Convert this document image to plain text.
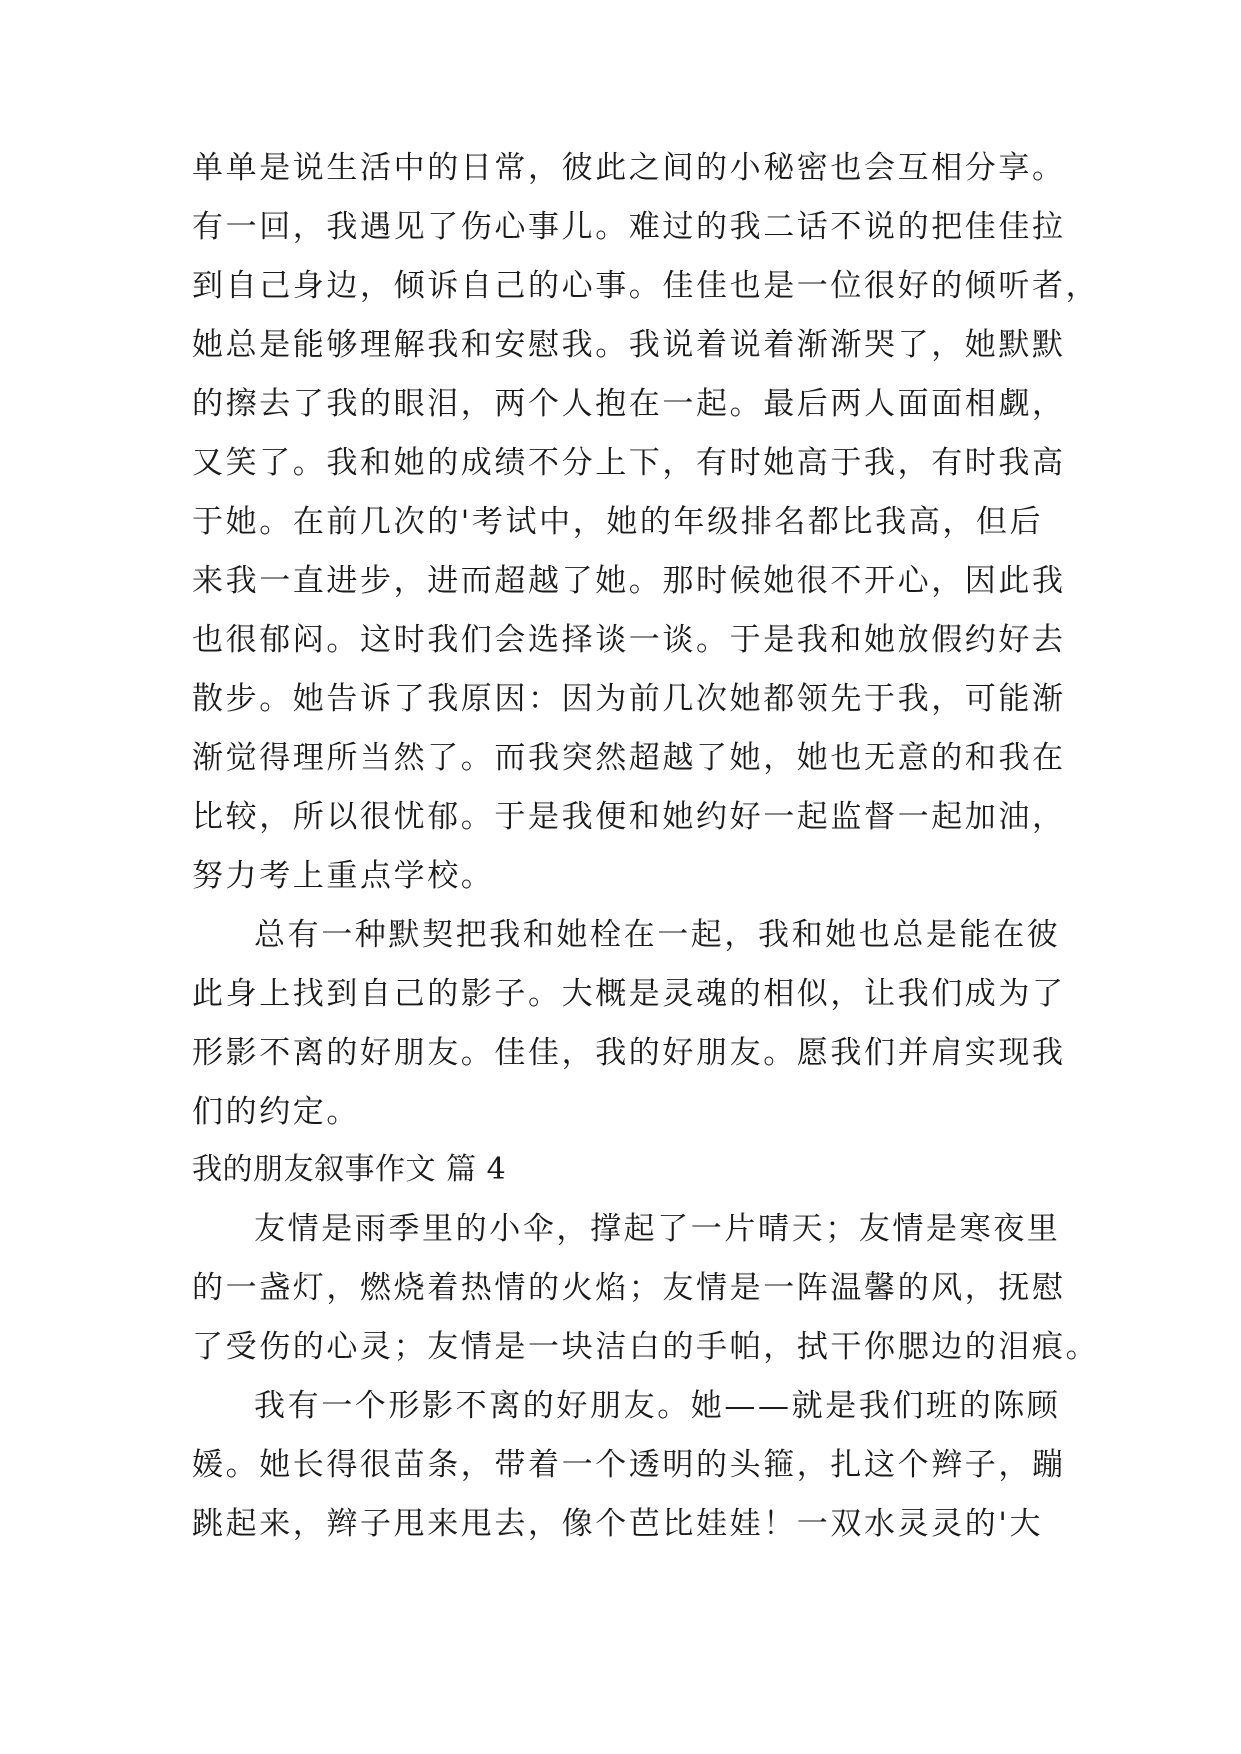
单单是说生活中的日常，彼此之间的小秘密也会互相分享。
有一回，我遇见了伤心事儿。难过的我二话不说的把佳佳拉
到自己身边，倾诉自己的心事。佳佳也是一位很好的倾听者，
她总是能够理解我和安慰我。我说着说着渐渐哭了，她默默
的擦去了我的眼泪，两个人抱在一起。最后两人面面相觑，
又笑了。我和她的成绩不分上下，有时她高于我，有时我高
于她。在前几次的'考试中，她的年级排名都比我高，但后
来我一直进步，进而超越了她。那时候她很不开心，因此我
也很郁闷。这时我们会选择谈一谈。于是我和她放假约好去
散步。她告诉了我原因：因为前几次她都领先于我，可能渐
渐觉得理所当然了。而我突然超越了她，她也无意的和我在
比较，所以很忧郁。于是我便和她约好一起监督一起加油，
努力考上重点学校。
总有一种默契把我和她栓在一起，我和她也总是能在彼
此身上找到自己的影子。大概是灵魂的相似，让我们成为了
形影不离的好朋友。佳佳，我的好朋友。愿我们并肩实现我
们的约定。
我的朋友叙事作文 篇 4
友情是雨季里的小伞，撑起了一片晴天；友情是寒夜里
的一盏灯，燃烧着热情的火焰；友情是一阵温馨的风，抚慰
了受伤的心灵；友情是一块洁白的手帕，拭干你腮边的泪痕。
我有一个形影不离的好朋友。她——就是我们班的陈顾
媛。她长得很苗条，带着一个透明的头箍，扎这个辫子，蹦
跳起来，辫子甩来甩去，像个芭比娃娃！一双水灵灵的'大
